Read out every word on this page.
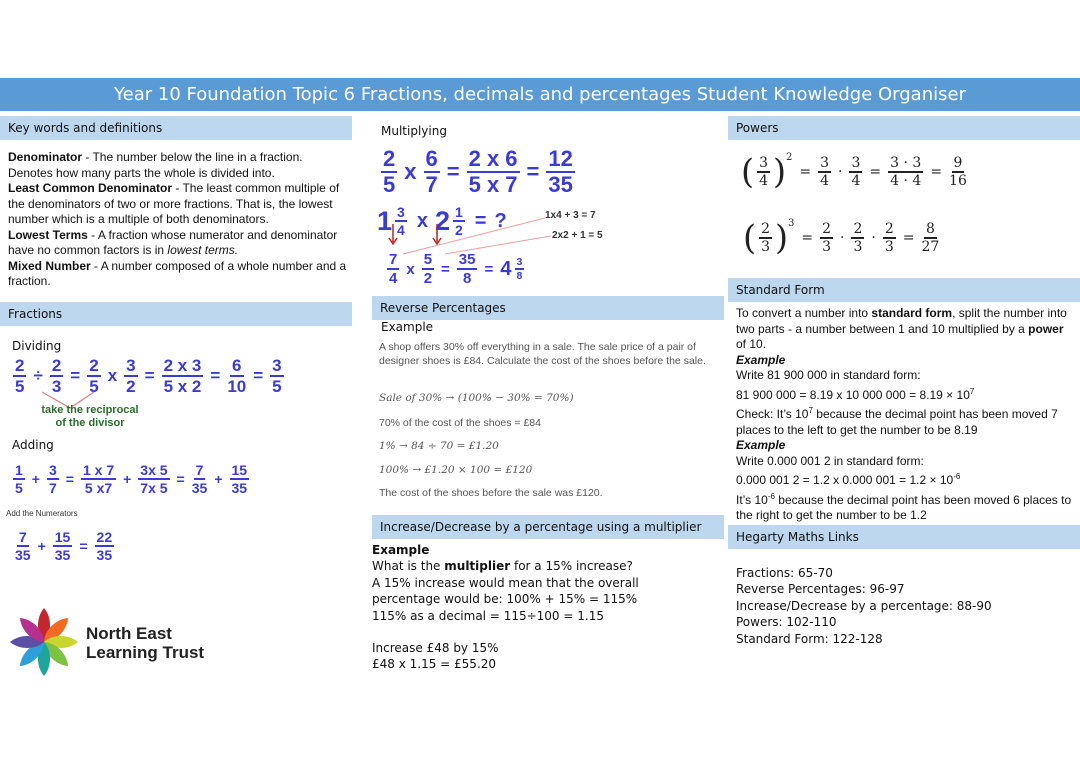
Year 10 Foundation Topic 6 Fractions, decimals and percentages Student Knowledge Organiser
Key words and definitions
Denominator - The number below the line in a fraction. Denotes how many parts the whole is divided into.
Least Common Denominator - The least common multiple of the denominators of two or more fractions. That is, the lowest number which is a multiple of both denominators.
Lowest Terms - A fraction whose numerator and denominator have no common factors is in lowest terms.
Mixed Number - A number composed of a whole number and a fraction.
Fractions
Dividing
$\frac{2}{5} \div \frac{2}{3} = \frac{2}{5}$ x $\frac{3}{2} = \frac{2 x 3}{5 x 2} = \frac{6}{10} = \frac{3}{5}$
take the reciprocal
of the divisor
Adding
$\frac{1}{5} + \frac{3}{7} = \frac{1 x 7}{5 x7} + \frac{3x 5}{7x 5} = \frac{7}{35} + \frac{15}{35}$
Add the Numerators
$\frac{7}{35} + \frac{15}{35} = \frac{22}{35}$
North East
Learning Trust
Multiplying
$\frac{2}{5}$ x $\frac{6}{7} = \frac{2 x 6}{5 x 7} = \frac{12}{35}$
$1 \frac{3}{4}$ x $2 \frac{1}{2}$ = ?	1x4 + 3 = 7
2x2 + 1 = 5
$\frac{7}{4}$ x $\frac{5}{2} = \frac{35}{8} = 4 \frac{3}{8}$
Reverse Percentages
Example
A shop offers 30% off everything in a sale. The sale price of a pair of designer shoes is £84. Calculate the cost of the shoes before the sale.
Sale of 30% → (100% − 30% = 70%)
70% of the cost of the shoes = £84
1% → 84 ÷ 70 = £1.20
100% → £1.20 × 100 = £120
The cost of the shoes before the sale was £120.
Increase/Decrease by a percentage using a multiplier
Example
What is the multiplier for a 15% increase?
A 15% increase would mean that the overall percentage would be: 100% + 15% = 115%
115% as a decimal = 115÷100 = 1.15
Increase £48 by 15%
£48 x 1.15 = £55.20
Powers
( $\frac{3}{4}$ ) 2
= $\frac{3}{4} \cdot \frac{3}{4} = \frac{3 \cdot 3}{4 \cdot 4} = \frac{9}{16}$
( $\frac{2}{3}$ ) 3
= $\frac{2}{3} \cdot \frac{2}{3} \cdot \frac{2}{3} = \frac{8}{27}$
Standard Form
To convert a number into standard form, split the number into two parts - a number between 1 and 10 multiplied by a power of 10.
Example
Write 81 900 000 in standard form:
81 900 000 = 8.19 x 10 000 $000 = 8.19 \times 10^7$
Check: It’s $10^7$ because the decimal point has been moved 7 places to the left to get the number to be 8.19
Example
Write 0.000 001 2 in standard form:
0.000 001 2 = 1.2 x 0.000 $001 = 1.2 \times 10^{-6}$
It’s $10^{-6}$ because the decimal point has been moved 6 places to the right to get the number to be 1.2
Hegarty Maths Links
Fractions: 65-70
Reverse Percentages: 96-97
Increase/Decrease by a percentage: 88-90
Powers: 102-110
Standard Form: 122-128
